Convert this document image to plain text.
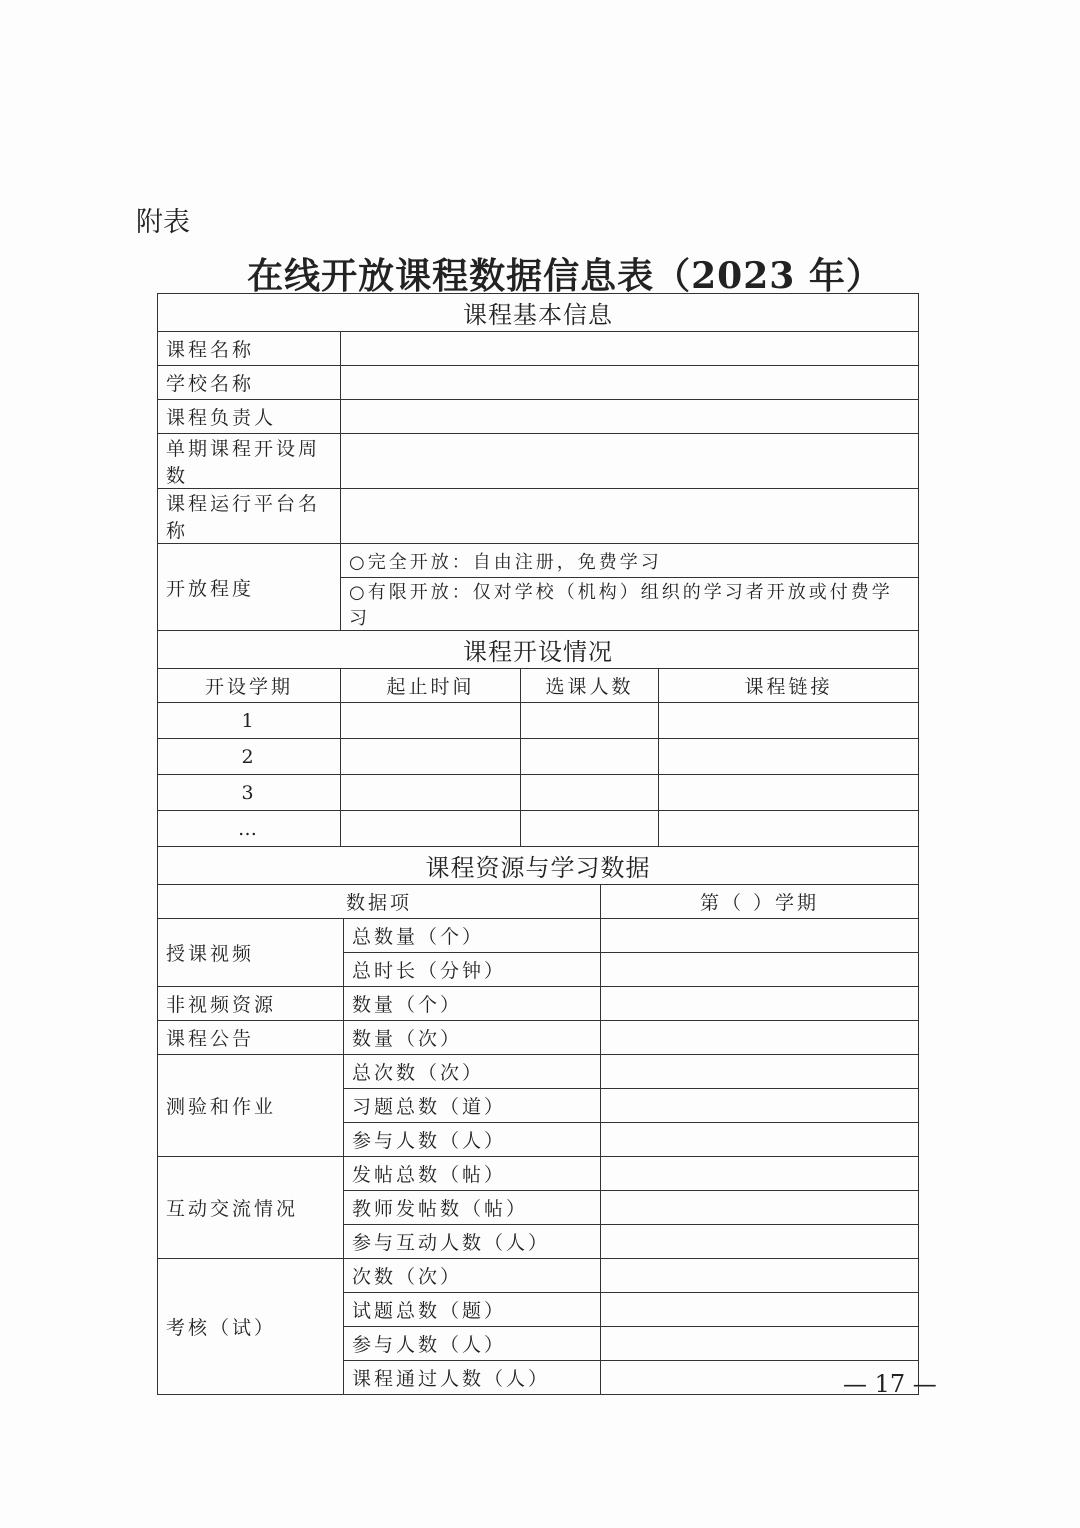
附表
在线开放课程数据信息表（2023 年）
课程基本信息	
课程名称	
学校名称	
课程负责人	
单期课程开设周数	
课程运行平台名称	
开放程度	○完全开放：自由注册，免费学习
	○有限开放：仅对学校（机构）组织的学习者开放或付费学习
课程开设情况			
开设学期	起止时间	选课人数	课程链接
1			
2			
3			
…			
课程资源与学习数据		
数据项		第（ ）学期
授课视频	总数量（个）	
	总时长（分钟）	
非视频资源	数量（个）	
课程公告	数量（次）	
测验和作业	总次数（次）	
	习题总数（道）	
	参与人数（人）	
互动交流情况	发帖总数（帖）	
	教师发帖数（帖）	
	参与互动人数（人）	
考核（试）	次数（次）	
	试题总数（题）	
	参与人数（人）	
	课程通过人数（人）		— 17 —
